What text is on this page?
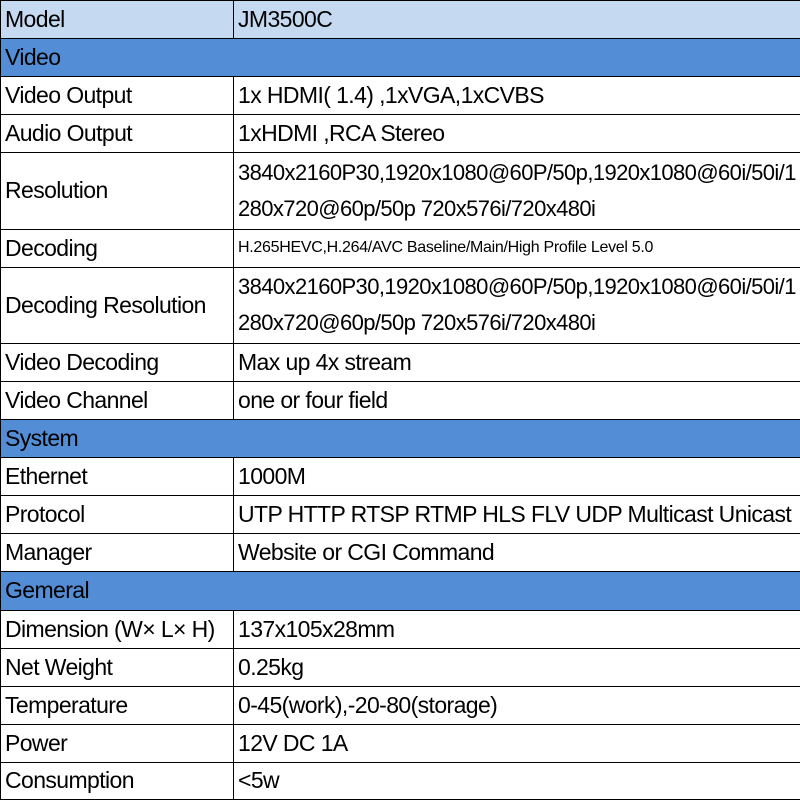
Model	JM3500C
Video	
Video Output	1x HDMI( 1.4) ,1xVGA,1xCVBS
Audio Output	1xHDMI ,RCA Stereo
Resolution	3840x2160P30,1920x1080@60P/50p,1920x1080@60i/50i/1280x720@60p/50p 720x576i/720x480i
Decoding	H.265HEVC,H.264/AVC Baseline/Main/High Profile Level 5.0
Decoding Resolution	3840x2160P30,1920x1080@60P/50p,1920x1080@60i/50i/1280x720@60p/50p 720x576i/720x480i
Video Decoding	Max up 4x stream
Video Channel	one or four field
System	
Ethernet	1000M
Protocol	UTP HTTP RTSP RTMP HLS FLV UDP Multicast Unicast
Manager	Website or CGI Command
Gemeral	
Dimension (W× L× H)	137x105x28mm
Net Weight	0.25kg
Temperature	0-45(work),-20-80(storage)
Power	12V DC 1A
Consumption	<5w
